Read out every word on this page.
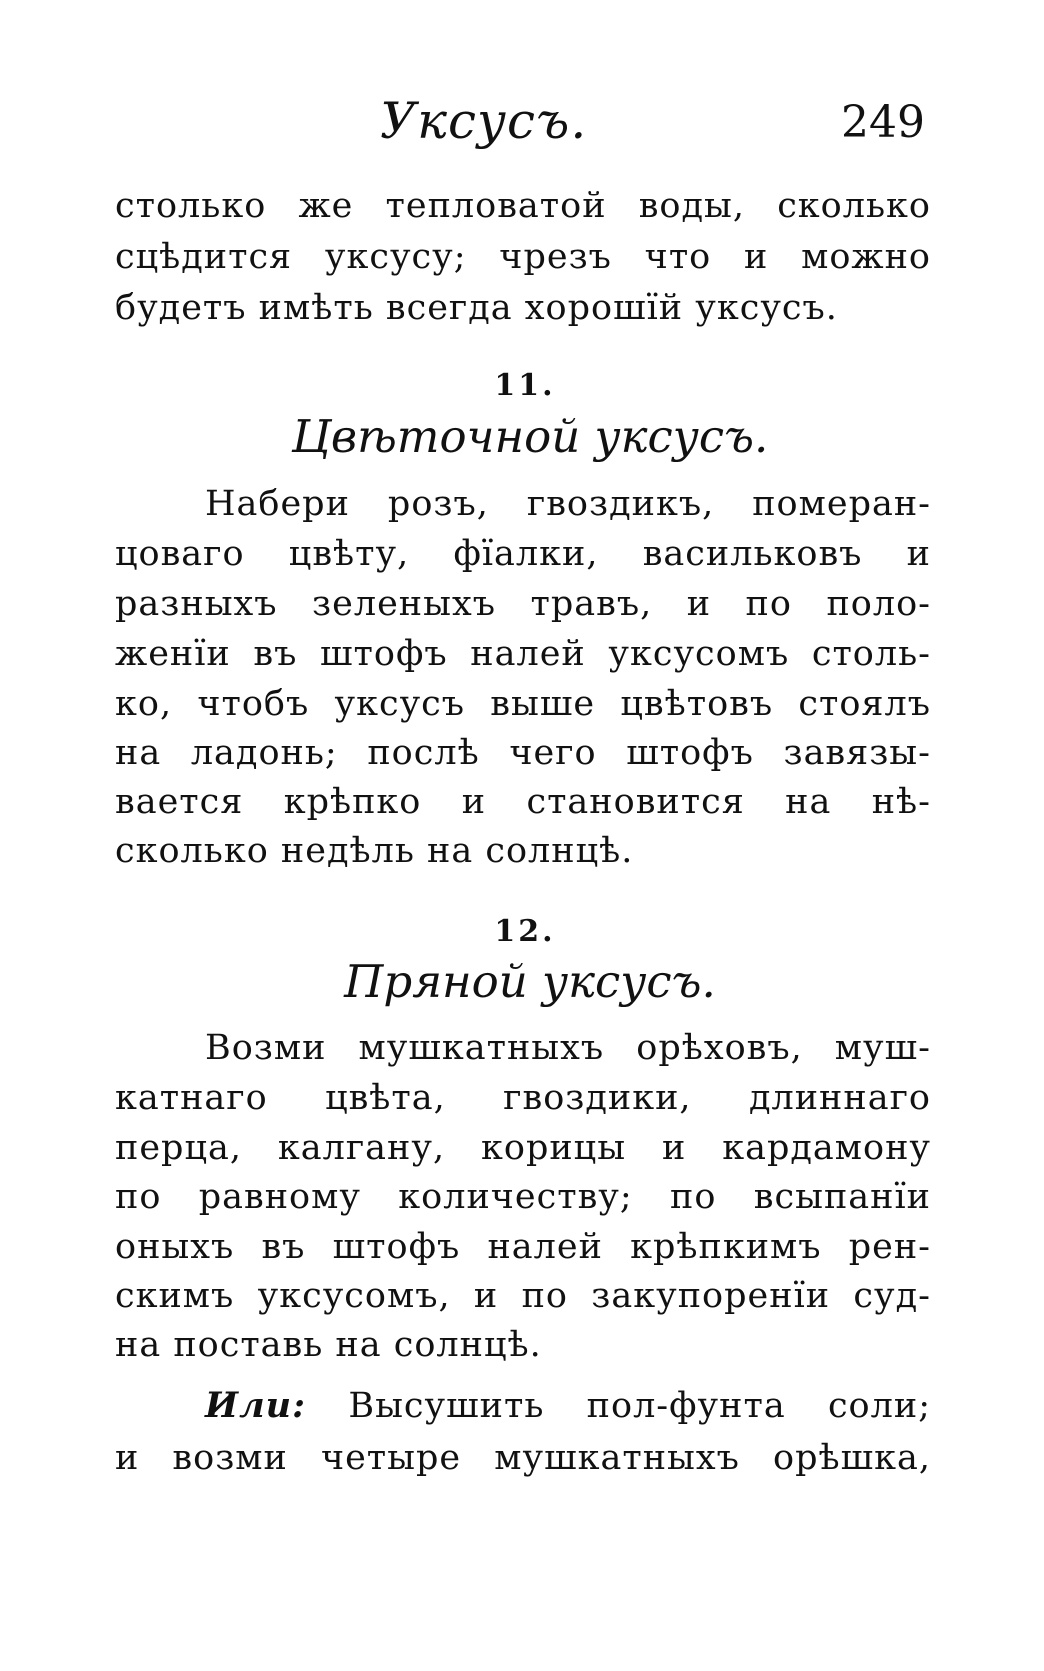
Уксусъ.	249
столько же тепловатой воды, сколько
сцѣдится уксусу; чрезъ что и можно
будетъ имѣть всегда хорошїй уксусъ.
11.
Цвѣточной уксусъ.
Набери розъ, гвоздикъ, померан-
цоваго цвѣту, фїалки, васильковъ и
разныхъ зеленыхъ травъ, и по поло-
женїи въ штофъ налей уксусомъ столь-
ко, чтобъ уксусъ выше цвѣтовъ стоялъ
на ладонь; послѣ чего штофъ завязы-
вается крѣпко и становится на нѣ-
сколько недѣль на солнцѣ.
12.
Пряной уксусъ.
Возми мушкатныхъ орѣховъ, муш-
катнаго цвѣта, гвоздики, длиннаго
перца, калгану, корицы и кардамону
по равному количеству; по всыпанїи
оныхъ въ штофъ налей крѣпкимъ рен-
скимъ уксусомъ, и по закупоренїи суд-
на поставь на солнцѣ.
Или: Высушить пол-фунта соли;
и возми четыре мушкатныхъ орѣшка,
